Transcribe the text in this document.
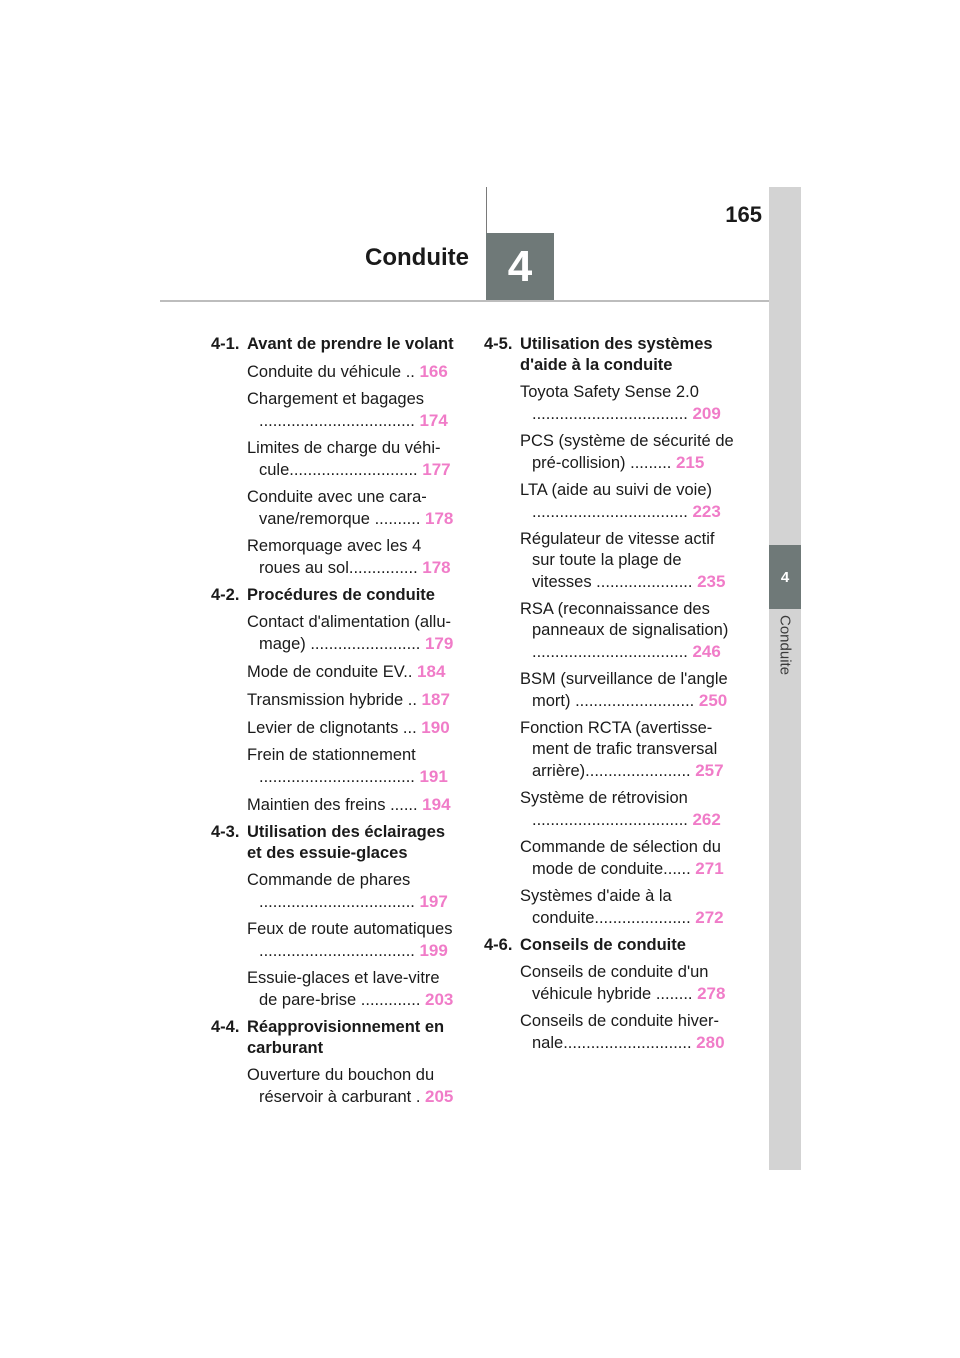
165
Conduite 4
4
Conduite
4-1. Avant de prendre le volant
Conduite du véhicule .. 166
Chargement et bagages .................................. 174
Limites de charge du véhi-cule............................ 177
Conduite avec une cara-vane/remorque .......... 178
Remorquage avec les 4 roues au sol............... 178
4-2. Procédures de conduite
Contact d'alimentation (allu-mage) ........................ 179
Mode de conduite EV.. 184
Transmission hybride .. 187
Levier de clignotants ... 190
Frein de stationnement .................................. 191
Maintien des freins ...... 194
4-3. Utilisation des éclairages et des essuie-glaces
Commande de phares .................................. 197
Feux de route automatiques .................................. 199
Essuie-glaces et lave-vitre de pare-brise ............. 203
4-4. Réapprovisionnement en carburant
Ouverture du bouchon du réservoir à carburant . 205
4-5. Utilisation des systèmes d'aide à la conduite
Toyota Safety Sense 2.0 .................................. 209
PCS (système de sécurité de pré-collision) ......... 215
LTA (aide au suivi de voie) .................................. 223
Régulateur de vitesse actif sur toute la plage de vitesses ..................... 235
RSA (reconnaissance des panneaux de signalisation) .................................. 246
BSM (surveillance de l'angle mort) .......................... 250
Fonction RCTA (avertisse-ment de trafic transversal arrière)....................... 257
Système de rétrovision .................................. 262
Commande de sélection du mode de conduite...... 271
Systèmes d'aide à la conduite..................... 272
4-6. Conseils de conduite
Conseils de conduite d'un véhicule hybride ........ 278
Conseils de conduite hiver-nale............................ 280
